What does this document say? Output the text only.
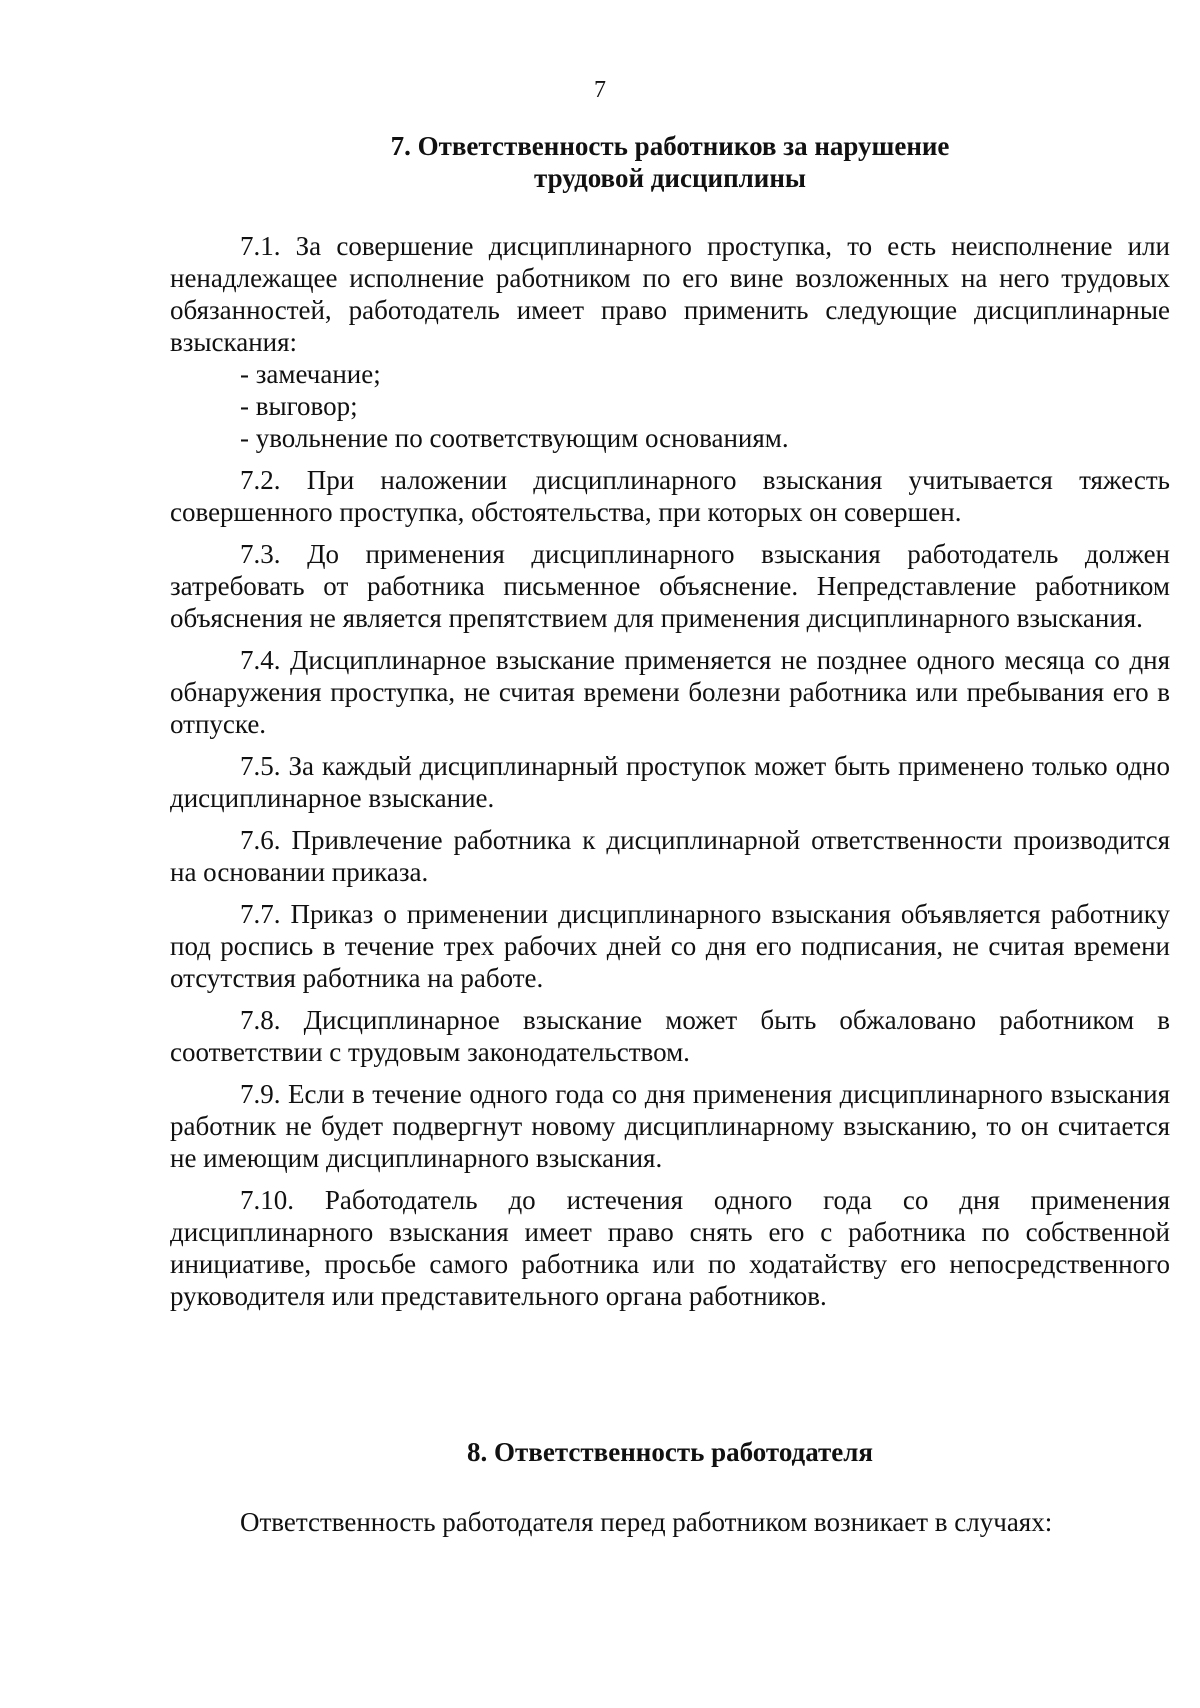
7
7. Ответственность работников за нарушение
трудовой дисциплины

7.1. За совершение дисциплинарного проступка, то есть неисполнение или ненадлежащее исполнение работником по его вине возложенных на него трудовых обязанностей, работодатель имеет право применить следующие дисциплинарные взыскания:

- замечание;

- выговор;

- увольнение по соответствующим основаниям.

7.2. При наложении дисциплинарного взыскания учитывается тяжесть совершенного проступка, обстоятельства, при которых он совершен.

7.3. До применения дисциплинарного взыскания работодатель должен затребовать от работника письменное объяснение. Непредставление работником объяснения не является препятствием для применения дисциплинарного взыскания.

7.4. Дисциплинарное взыскание применяется не позднее одного месяца со дня обнаружения проступка, не считая времени болезни работника или пребывания его в отпуске.

7.5. За каждый дисциплинарный проступок может быть применено только одно дисциплинарное взыскание.

7.6. Привлечение работника к дисциплинарной ответственности производится на основании приказа.

7.7. Приказ о применении дисциплинарного взыскания объявляется работнику под роспись в течение трех рабочих дней со дня его подписания, не считая времени отсутствия работника на работе.

7.8. Дисциплинарное взыскание может быть обжаловано работником в соответствии с трудовым законодательством.

7.9. Если в течение одного года со дня применения дисциплинарного взыскания работник не будет подвергнут новому дисциплинарному взысканию, то он считается не имеющим дисциплинарного взыскания.

7.10. Работодатель до истечения одного года со дня применения дисциплинарного взыскания имеет право снять его с работника по собственной инициативе, просьбе самого работника или по ходатайству его непосредственного руководителя или представительного органа работников.

8. Ответственность работодателя

Ответственность работодателя перед работником возникает в случаях:
